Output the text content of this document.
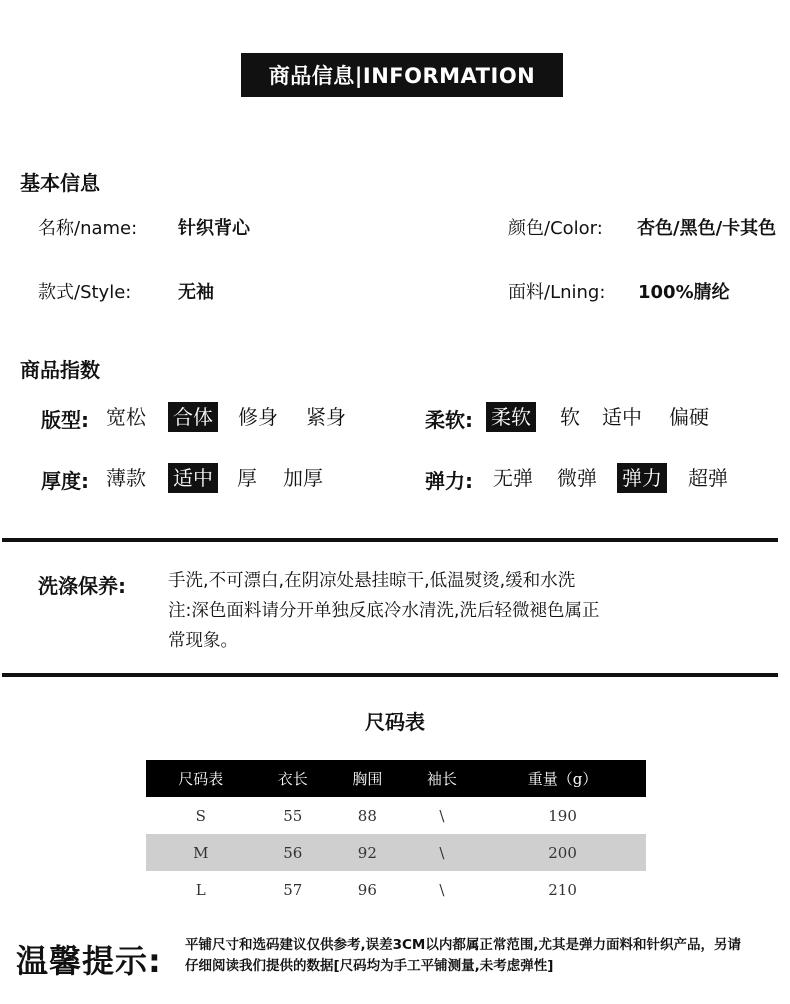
商品信息|INFORMATION
基本信息
名称/name: 针织背心	颜色/Color: 杏色/黑色/卡其色
款式/Style:	无袖	面料/Lning: 100%腈纶
商品指数
版型: 宽松 合体 修身 紧身	柔软: 柔软 软 适中 偏硬
厚度: 薄款 适中 厚 加厚	弹力: 无弹 微弹 弹力 超弹
洗涤保养: 手洗,不可漂白,在阴凉处悬挂晾干,低温熨烫,缓和水洗
注:深色面料请分开单独反底冷水清洗,洗后轻微褪色属正
常现象。
尺码表
尺码表	衣长	胸围	袖长	重量（g）
S	55	88	\	190
M	56	92	\	200
L	57	96	\	210
温馨提示: 平铺尺寸和选码建议仅供参考,误差3CM以内都属正常范围,尤其是弹力面料和针织产品，另请
仔细阅读我们提供的数据[尺码均为手工平铺测量,未考虑弹性]
